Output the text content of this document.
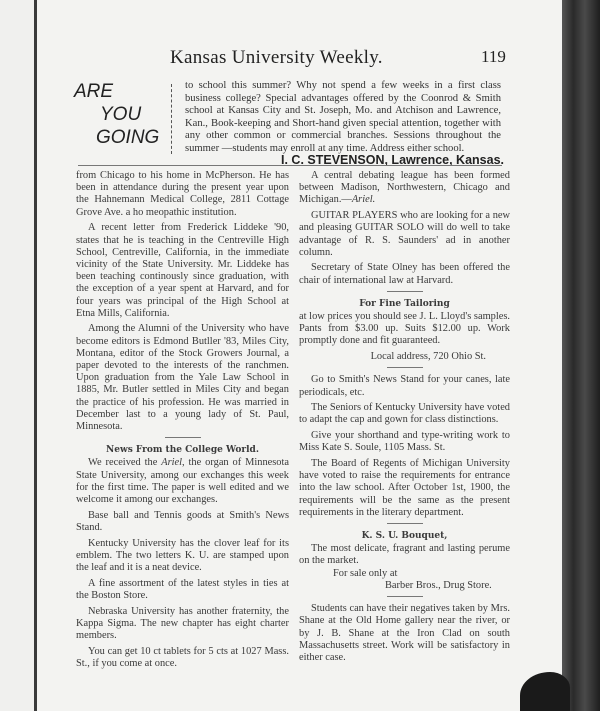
Kansas University Weekly.	119
ARE
YOU
GOING
to school this summer? Why not spend a few weeks in a first class business college? Special advantages offered by the Coonrod & Smith school at Kansas City and St. Joseph, Mo. and Atchison and Lawrence, Kan., Book-keeping and Short-hand given special attention, together with any other common or commercial branches. Sessions throughout the summer —students may enroll at any time. Address either school.
I. C. STEVENSON, Lawrence, Kansas.

from Chicago to his home in McPherson. He has been in attendance during the present year upon the Hahnemann Medical College, 2811 Cottage Grove Ave. a ho meopathic institution.

A recent letter from Frederick Liddeke '90, states that he is teaching in the Centreville High School, Centreville, California, in the immediate vicinity of the State University. Mr. Liddeke has been teaching continously since graduation, with the exception of a year spent at Harvard, and for four years was principal of the High School at Etna Mills, California.

Among the Alumni of the University who have become editors is Edmond Butller '83, Miles City, Montana, editor of the Stock Growers Journal, a paper devoted to the interests of the ranchmen. Upon graduation from the Yale Law School in 1885, Mr. Butler settled in Miles City and began the practice of his profession. He was married in December last to a young lady of St. Paul, Minnesota.

News From the College World.

We received the Ariel, the organ of Minnesota State University, among our exchanges this week for the first time. The paper is well edited and we welcome it among our exchanges.

Base ball and Tennis goods at Smith's News Stand.

Kentucky University has the clover leaf for its emblem. The two letters K. U. are stamped upon the leaf and it is a neat device.

A fine assortment of the latest styles in ties at the Boston Store.

Nebraska University has another fraternity, the Kappa Sigma. The new chapter has eight charter members.

You can get 10 ct tablets for 5 cts at 1027 Mass. St., if you come at once.

A central debating league has been formed between Madison, Northwestern, Chicago and Michigan.—Ariel.

GUITAR PLAYERS who are looking for a new and pleasing GUITAR SOLO will do well to take advantage of R. S. Saunders' ad in another column.

Secretary of State Olney has been offered the chair of international law at Harvard.

For Fine Tailoring

at low prices you should see J. L. Lloyd's samples. Pants from $3.00 up. Suits $12.00 up. Work promptly done and fit guaranteed.

Local address, 720 Ohio St.

Go to Smith's News Stand for your canes, late periodicals, etc.

The Seniors of Kentucky University have voted to adapt the cap and gown for class distinctions.

Give your shorthand and type-writing work to Miss Kate S. Soule, 1105 Mass. St.

The Board of Regents of Michigan University have voted to raise the requirements for entrance into the law school. After October 1st, 1900, the requirements will be the same as the present requirements in the literary department.

K. S. U. Bouquet,

The most delicate, fragrant and lasting perume on the market.

For sale only at
Barber Bros., Drug Store.

Students can have their negatives taken by Mrs. Shane at the Old Home gallery near the river, or by J. B. Shane at the Iron Clad on south Massachusetts street. Work will be satisfactory in either case.
